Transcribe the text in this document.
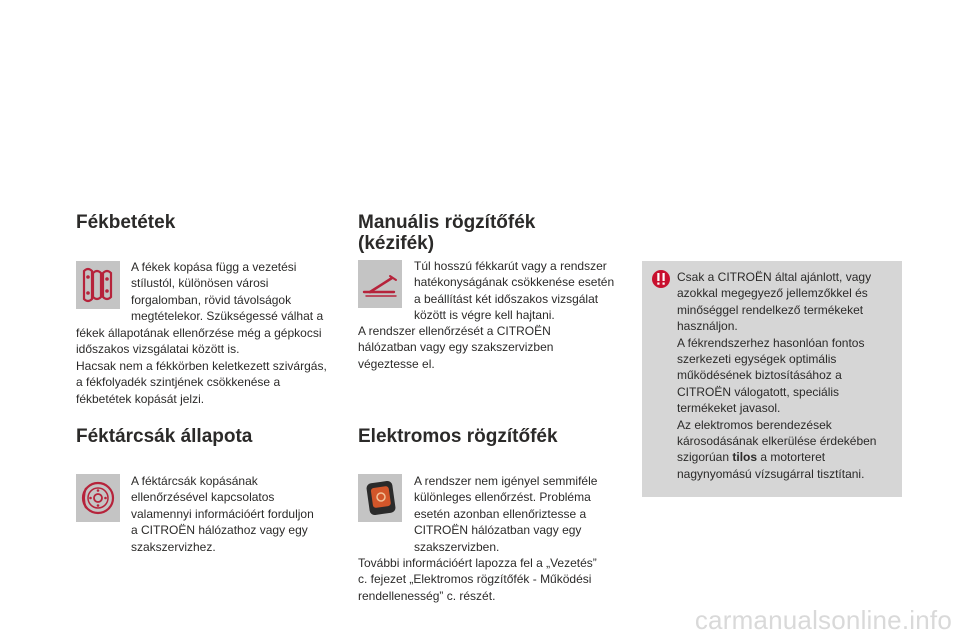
Fékbetétek

A fékek kopása függ a vezetési

stílustól, különösen városi

forgalomban, rövid távolságok

megtételekor. Szükségessé válhat a

fékek állapotának ellenőrzése még a gépkocsi

időszakos vizsgálatai között is.

Hacsak nem a fékkörben keletkezett szivárgás,

a fékfolyadék szintjének csökkenése a

fékbetétek kopását jelzi.

Féktárcsák állapota

A féktárcsák kopásának

ellenőrzésével kapcsolatos

valamennyi információért forduljon

a CITROËN hálózathoz vagy egy

szakszervizhez.

Manuális rögzítőfék
(kézifék)

Túl hosszú fékkarút vagy a rendszer

hatékonyságának csökkenése esetén

a beállítást két időszakos vizsgálat

között is végre kell hajtani.

A rendszer ellenőrzését a CITROËN

hálózatban vagy egy szakszervizben

végeztesse el.

Elektromos rögzítőfék

A rendszer nem igényel semmiféle

különleges ellenőrzést. Probléma

esetén azonban ellenőriztesse a

CITROËN hálózatban vagy egy

szakszervizben.

További információért lapozza fel a „Vezetés”

c. fejezet „Elektromos rögzítőfék - Működési

rendellenesség” c. részét.

Csak a CITROËN által ajánlott, vagy

azokkal megegyező jellemzőkkel és

minőséggel rendelkező termékeket

használjon.

A fékrendszerhez hasonlóan fontos

szerkezeti egységek optimális

működésének biztosításához a

CITROËN válogatott, speciális

termékeket javasol.

Az elektromos berendezések

károsodásának elkerülése érdekében

szigorúan tilos a motorteret

nagynyomású vízsugárral tisztítani.

carmanualsonline.info
